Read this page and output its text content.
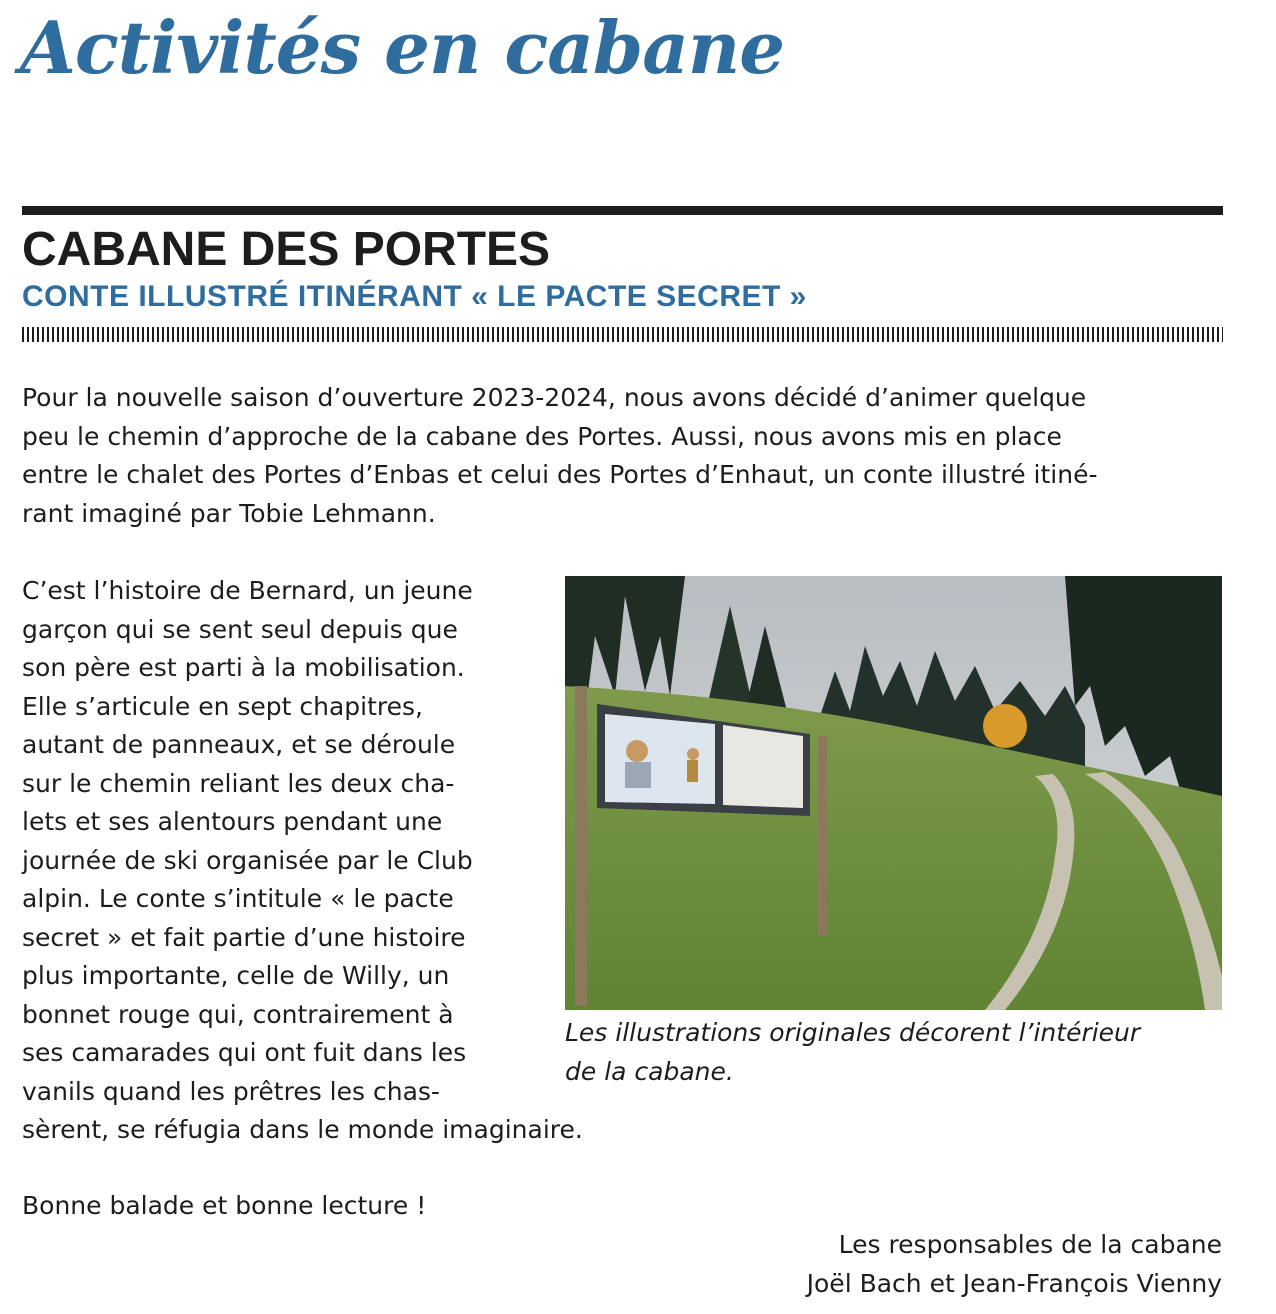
Activités en cabane
CABANE DES PORTES
CONTE ILLUSTRÉ ITINÉRANT « LE PACTE SECRET »

Pour la nouvelle saison d’ouverture 2023-2024, nous avons décidé d’animer quelque
peu le chemin d’approche de la cabane des Portes. Aussi, nous avons mis en place
entre le chalet des Portes d’Enbas et celui des Portes d’Enhaut, un conte illustré itiné-
rant imaginé par Tobie Lehmann.

C’est l’histoire de Bernard, un jeune
garçon qui se sent seul depuis que
son père est parti à la mobilisation.
Elle s’articule en sept chapitres,
autant de panneaux, et se déroule
sur le chemin reliant les deux cha-
lets et ses alentours pendant une
journée de ski organisée par le Club
alpin. Le conte s’intitule « le pacte
secret » et fait partie d’une histoire
plus importante, celle de Willy, un
bonnet rouge qui, contrairement à
ses camarades qui ont fuit dans les
vanils quand les prêtres les chas-
sèrent, se réfugia dans le monde imaginaire.

Les illustrations originales décorent l’intérieur
de la cabane.

Bonne balade et bonne lecture !

Les responsables de la cabane
Joël Bach et Jean-François Vienny
